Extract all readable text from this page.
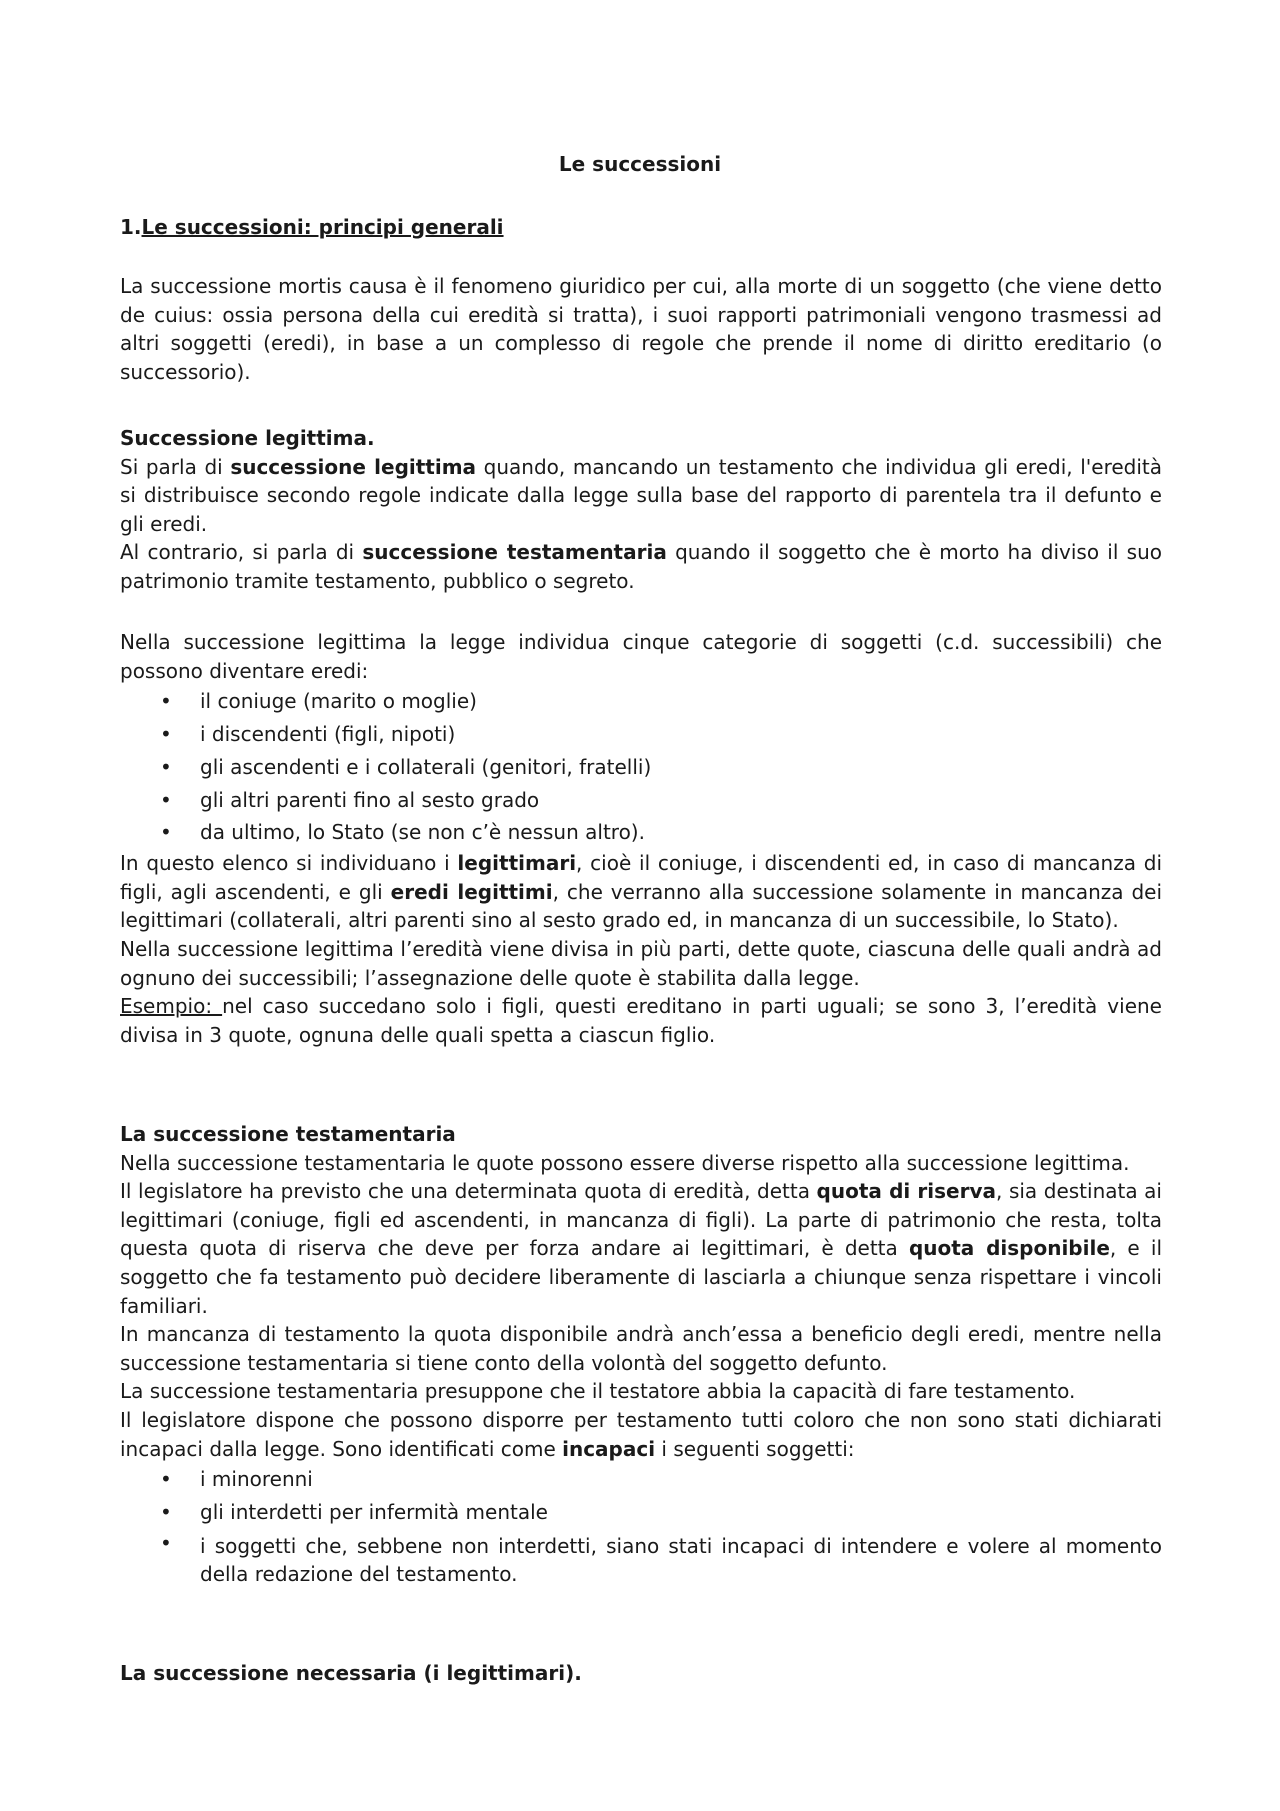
Le successioni
1.Le successioni: principi generali

La successione mortis causa è il fenomeno giuridico per cui, alla morte di un soggetto (che viene detto de cuius: ossia persona della cui eredità si tratta), i suoi rapporti patrimoniali vengono trasmessi ad altri soggetti (eredi), in base a un complesso di regole che prende il nome di diritto ereditario (o successorio).

Successione legittima.

Si parla di successione legittima quando, mancando un testamento che individua gli eredi, l'eredità si distribuisce secondo regole indicate dalla legge sulla base del rapporto di parentela tra il defunto e gli eredi.

Al contrario, si parla di successione testamentaria quando il soggetto che è morto ha diviso il suo patrimonio tramite testamento, pubblico o segreto.

Nella successione legittima la legge individua cinque categorie di soggetti (c.d. successibili) che possono diventare eredi:

• il coniuge (marito o moglie)
• i discendenti (figli, nipoti)
• gli ascendenti e i collaterali (genitori, fratelli)
• gli altri parenti fino al sesto grado
• da ultimo, lo Stato (se non c’è nessun altro).

In questo elenco si individuano i legittimari, cioè il coniuge, i discendenti ed, in caso di mancanza di figli, agli ascendenti, e gli eredi legittimi, che verranno alla successione solamente in mancanza dei legittimari (collaterali, altri parenti sino al sesto grado ed, in mancanza di un successibile, lo Stato).

Nella successione legittima l’eredità viene divisa in più parti, dette quote, ciascuna delle quali andrà ad ognuno dei successibili; l’assegnazione delle quote è stabilita dalla legge.

Esempio: nel caso succedano solo i figli, questi ereditano in parti uguali; se sono 3, l’eredità viene divisa in 3 quote, ognuna delle quali spetta a ciascun figlio.

La successione testamentaria

Nella successione testamentaria le quote possono essere diverse rispetto alla successione legittima.

Il legislatore ha previsto che una determinata quota di eredità, detta quota di riserva, sia destinata ai legittimari (coniuge, figli ed ascendenti, in mancanza di figli). La parte di patrimonio che resta, tolta questa quota di riserva che deve per forza andare ai legittimari, è detta quota disponibile, e il soggetto che fa testamento può decidere liberamente di lasciarla a chiunque senza rispettare i vincoli familiari.

In mancanza di testamento la quota disponibile andrà anch’essa a beneficio degli eredi, mentre nella successione testamentaria si tiene conto della volontà del soggetto defunto.

La successione testamentaria presuppone che il testatore abbia la capacità di fare testamento.

Il legislatore dispone che possono disporre per testamento tutti coloro che non sono stati dichiarati incapaci dalla legge. Sono identificati come incapaci i seguenti soggetti:

• i minorenni
• gli interdetti per infermità mentale
• i soggetti che, sebbene non interdetti, siano stati incapaci di intendere e volere al momento della redazione del testamento.
La successione necessaria (i legittimari).
